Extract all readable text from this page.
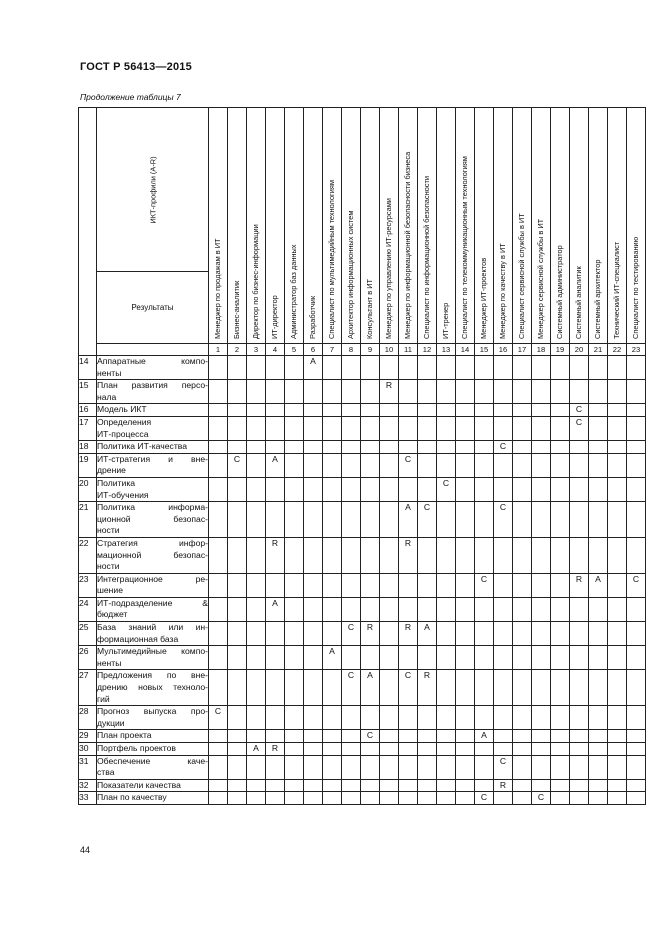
ГОСТ Р 56413—2015
Продолжение таблицы 7

	ИКТ-профили (А-R)	Менеджер по продажам в ИТ	Бизнес-аналитик	Директор по бизнес-информации	ИТ-директор	Администратор баз данных	Разработчик	Специалист по мультимедийным технологиям	Архитектор информационных систем	Консультант в ИТ	Менеджер по управлению ИТ-ресурсами	Менеджер по информационной безопасности бизнеса	Специалист по информационной безопасности	ИТ-тренер	Специалист по телекоммуникационным технологиям	Менеджер ИТ-проектов	Менеджер по качеству в ИТ	Специалист сервисной службы в ИТ	Менеджер сервисной службы в ИТ	Системный администратор	Системный аналитик	Системный архитектор	Технический ИТ-специалист	Специалист по тестированию

	Результаты																							
		1	2	3	4	5	6	7	8	9	10	11	12	13	14	15	16	17	18	19	20	21	22	23
14	Аппаратные компо-
ненты						A																	
15	План развития персо-
нала										R													
16	Модель ИКТ																				C			
17	Определения
ИТ-процесса																				C			
18	Политика ИТ-качества																C							
19	ИТ-стратегия и вне-
дрение		C		A							C												
20	Политика
ИТ-обучения													C										
21	Политика информа-
ционной безопас-
ности											A	C				C							
22	Стратегия инфор-
мационной безопас-
ности				R							R												
23	Интеграционное ре-
шение															C					R	A		C
24	ИТ-подразделение &
бюджет				A																			
25	База знаний или ин-
формационная база								C	R		R	A											
26	Мультимедийные компо-
ненты							A																
27	Предложения по вне-
дрению новых техноло-
гий								C	A		C	R											
28	Прогноз выпуска про-
дукции	C																						
29	План проекта									C						A								
30	Портфель проектов			A	R																			
31	Обеспечение каче-
ства																C							
32	Показатели качества																R							
33	План по качеству															C			C					
44
